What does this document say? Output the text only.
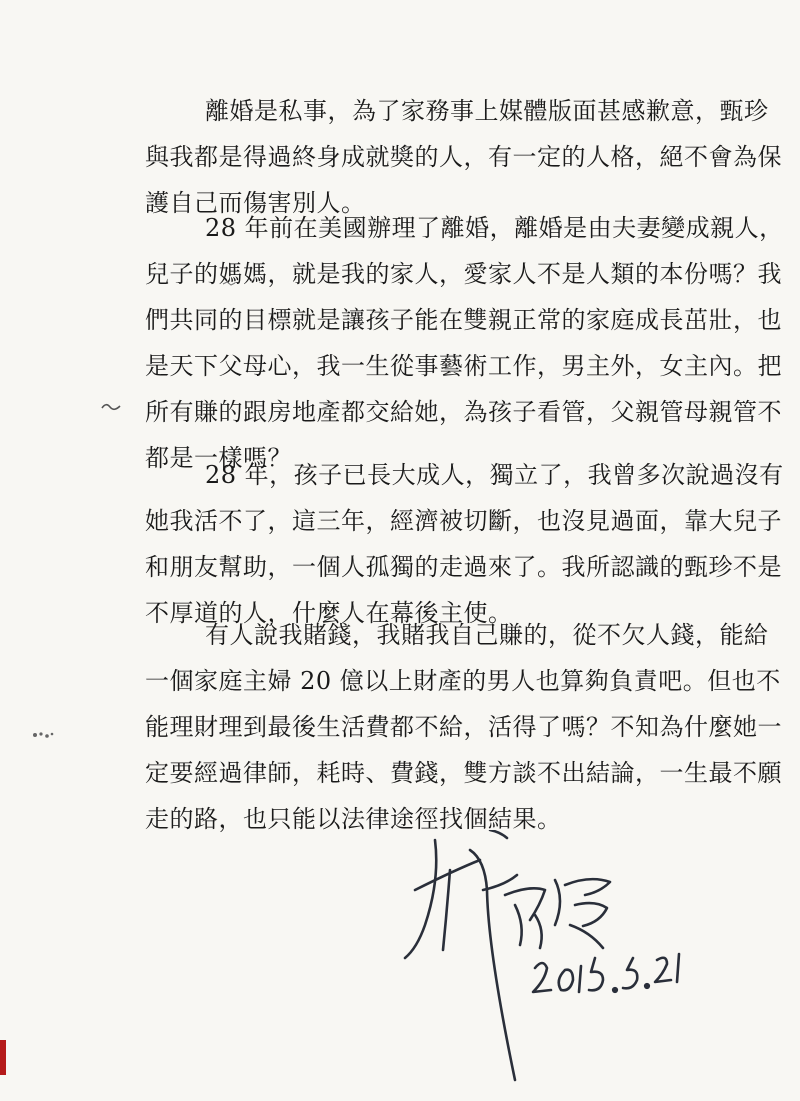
離婚是私事，為了家務事上媒體版面甚感歉意，甄珍
與我都是得過終身成就獎的人，有一定的人格，絕不會為保
護自己而傷害別人。
28 年前在美國辦理了離婚，離婚是由夫妻變成親人，
兒子的媽媽，就是我的家人，愛家人不是人類的本份嗎？我
們共同的目標就是讓孩子能在雙親正常的家庭成長茁壯，也
是天下父母心，我一生從事藝術工作，男主外，女主內。把
所有賺的跟房地產都交給她，為孩子看管，父親管母親管不
都是一樣嗎？
28 年，孩子已長大成人，獨立了，我曾多次說過沒有
她我活不了，這三年，經濟被切斷，也沒見過面，靠大兒子
和朋友幫助，一個人孤獨的走過來了。我所認識的甄珍不是
不厚道的人，什麼人在幕後主使。
有人說我賭錢，我賭我自己賺的，從不欠人錢，能給
一個家庭主婦 20 億以上財產的男人也算夠負責吧。但也不
能理財理到最後生活費都不給，活得了嗎？不知為什麼她一
定要經過律師，耗時、費錢，雙方談不出結論，一生最不願
走的路，也只能以法律途徑找個結果。
